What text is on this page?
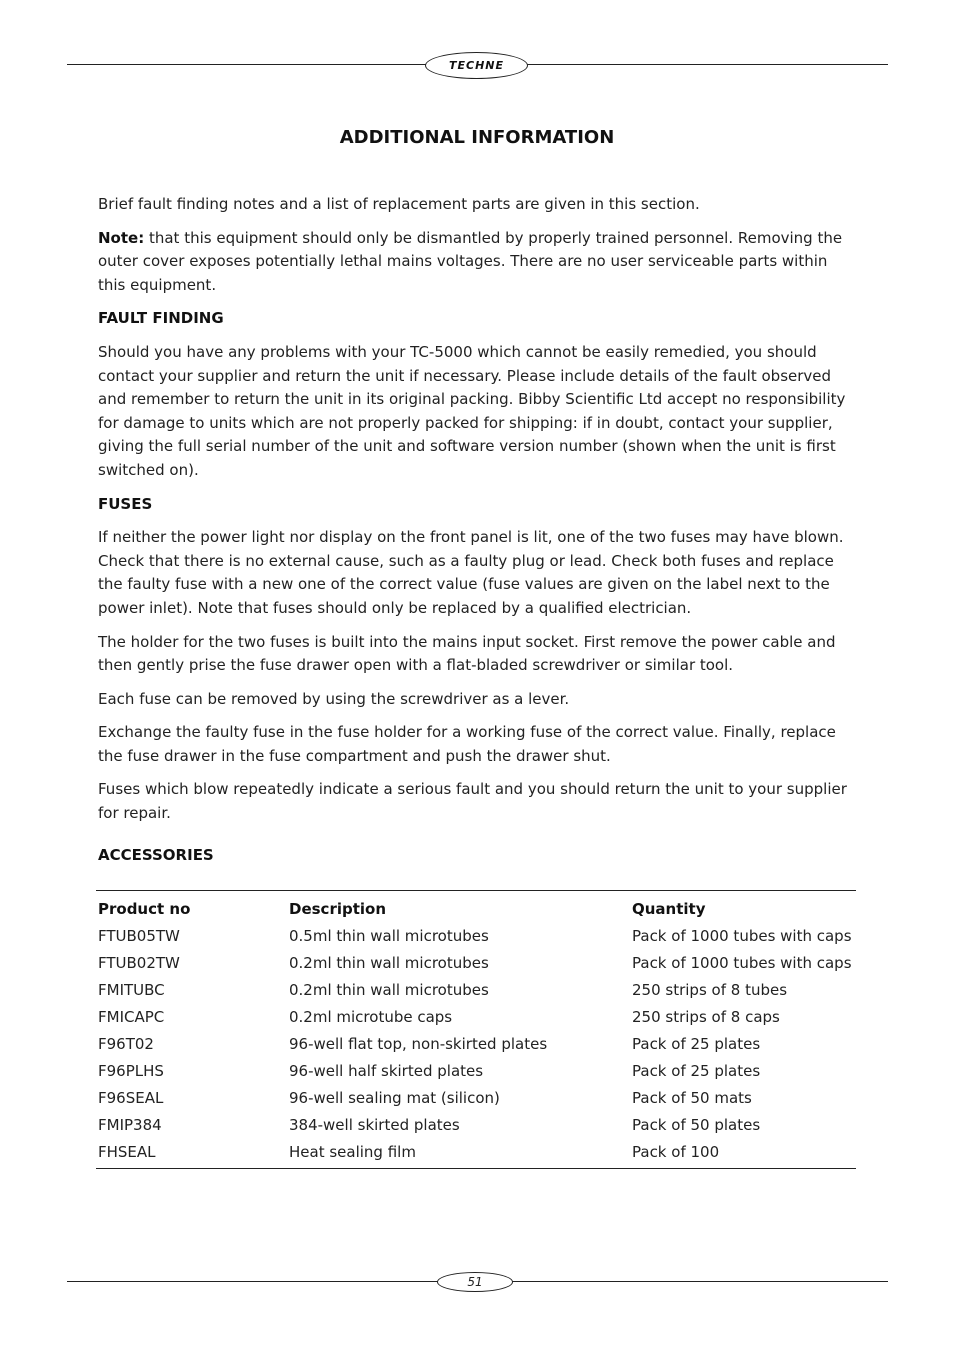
TECHNE
ADDITIONAL INFORMATION

Brief fault finding notes and a list of replacement parts are given in this section.

Note: that this equipment should only be dismantled by properly trained personnel. Removing the outer cover exposes potentially lethal mains voltages. There are no user serviceable parts within this equipment.

FAULT FINDING

Should you have any problems with your TC-5000 which cannot be easily remedied, you should contact your supplier and return the unit if necessary. Please include details of the fault observed and remember to return the unit in its original packing. Bibby Scientific Ltd accept no responsibility for damage to units which are not properly packed for shipping: if in doubt, contact your supplier, giving the full serial number of the unit and software version number (shown when the unit is first switched on).

FUSES

If neither the power light nor display on the front panel is lit, one of the two fuses may have blown. Check that there is no external cause, such as a faulty plug or lead. Check both fuses and replace the faulty fuse with a new one of the correct value (fuse values are given on the label next to the power inlet). Note that fuses should only be replaced by a qualified electrician.

The holder for the two fuses is built into the mains input socket. First remove the power cable and then gently prise the fuse drawer open with a flat-bladed screwdriver or similar tool.

Each fuse can be removed by using the screwdriver as a lever.

Exchange the faulty fuse in the fuse holder for a working fuse of the correct value. Finally, replace the fuse drawer in the fuse compartment and push the drawer shut.

Fuses which blow repeatedly indicate a serious fault and you should return the unit to your supplier for repair.

ACCESSORIES
Product no	Description	Quantity
FTUB05TW	0.5ml thin wall microtubes	Pack of 1000 tubes with caps
FTUB02TW	0.2ml thin wall microtubes	Pack of 1000 tubes with caps
FMITUBC	0.2ml thin wall microtubes	250 strips of 8 tubes
FMICAPC	0.2ml microtube caps	250 strips of 8 caps
F96T02	96-well flat top, non-skirted plates	Pack of 25 plates
F96PLHS	96-well half skirted plates	Pack of 25 plates
F96SEAL	96-well sealing mat (silicon)	Pack of 50 mats
FMIP384	384-well skirted plates	Pack of 50 plates
FHSEAL	Heat sealing film	Pack of 100
51
